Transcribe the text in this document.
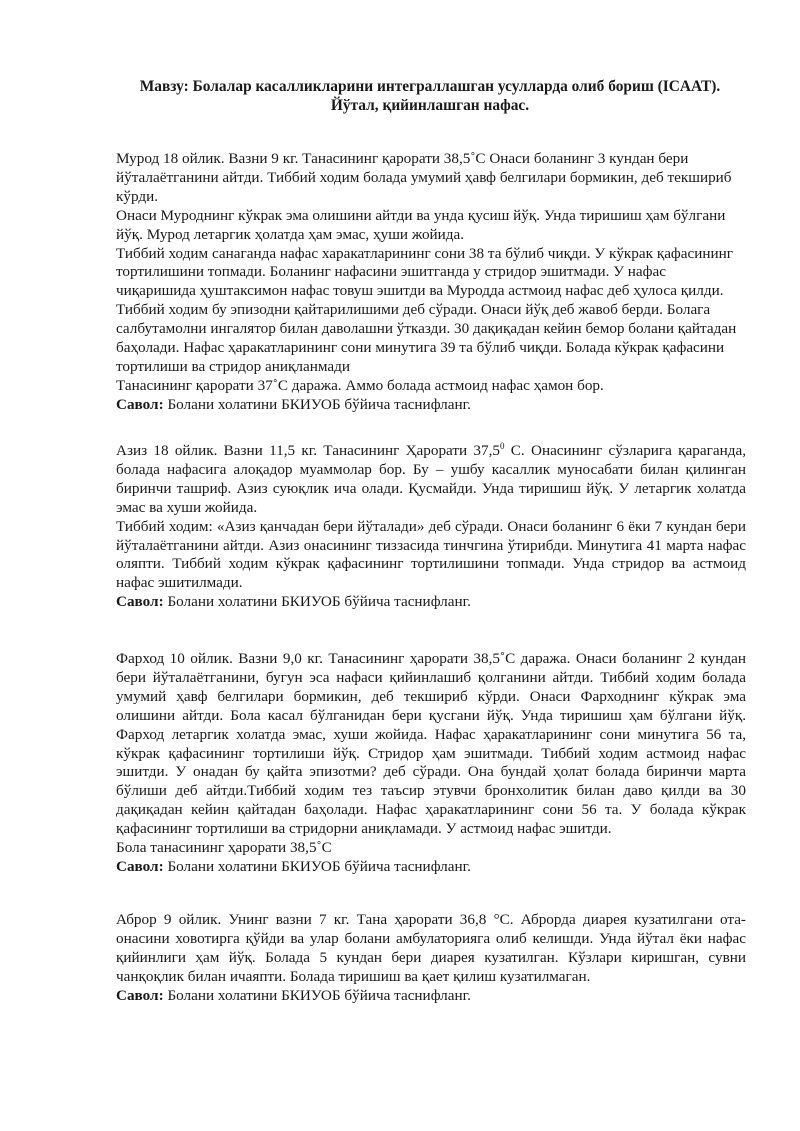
Мавзу: Болалар касалликларини интеграллашган усулларда олиб бориш (ICAAT).
Йўтал, қийинлашган нафас.

Мурод 18 ойлик. Вазни 9 кг. Танасининг қарорати 38,5˚С Онаси боланинг 3 кундан бери йўталаётганини айтди. Тиббий ходим болада умумий ҳавф белгилари бормикин, деб текшириб кўрди.

Онаси Муроднинг кўкрак эма олишини айтди ва унда қусиш йўқ. Унда тиришиш ҳам бўлгани йўқ. Мурод летаргик ҳолатда ҳам эмас, ҳуши жойида.

Тиббий ходим санаганда нафас харакатларининг сони 38 та бўлиб чиқди. У кўкрак қафасининг тортилишини топмади. Боланинг нафасини эшитганда у стридор эшитмади. У нафас чиқаришида ҳуштаксимон нафас товуш эшитди ва Муродда астмоид нафас деб ҳулоса қилди. Тиббий ходим бу эпизодни қайтарилишими деб сўради. Онаси йўқ деб жавоб берди. Болага салбутамолни ингалятор билан даволашни ўтказди. 30 дақиқадан кейин бемор болани қайтадан баҳолади. Нафас ҳаракатларининг сони минутига 39 та бўлиб чиқди. Болада кўкрак қафасини тортилиши ва стридор аниқланмади

Танасининг қарорати 37˚С даража. Аммо болада астмоид нафас ҳамон бор.

Савол: Болани холатини БКИУОБ бўйича таснифланг.

Азиз 18 ойлик. Вазни 11,5 кг. Танасининг Ҳарорати 37,5$^0$ С. Онасининг сўзларига қараганда, болада нафасига алоқадор муаммолар бор. Бу – ушбу касаллик муносабати билан қилинган биринчи ташриф. Азиз суюқлик ича олади. Қусмайди. Унда тиришиш йўқ. У летаргик холатда эмас ва хуши жойида.

Тиббий ходим: «Азиз қанчадан бери йўталади» деб сўради. Онаси боланинг 6 ёки 7 кундан бери йўталаётганини айтди. Азиз онасининг тиззасида тинчгина ўтирибди. Минутига 41 марта нафас оляпти. Тиббий ходим кўкрак қафасининг тортилишини топмади. Унда стридор ва астмоид нафас эшитилмади.

Савол: Болани холатини БКИУОБ бўйича таснифланг.

Фарход 10 ойлик. Вазни 9,0 кг. Танасининг ҳарорати 38,5˚С даража. Онаси боланинг 2 кундан бери йўталаётганини, бугун эса нафаси қийинлашиб қолганини айтди. Тиббий ходим болада умумий ҳавф белгилари бормикин, деб текшириб кўрди. Онаси Фарходнинг кўкрак эма олишини айтди. Бола касал бўлганидан бери қусгани йўқ. Унда тиришиш ҳам бўлгани йўқ. Фарход летаргик холатда эмас, хуши жойида. Нафас ҳаракатларининг сони минутига 56 та, кўкрак қафасининг тортилиши йўқ. Стридор ҳам эшитмади. Тиббий ходим астмоид нафас эшитди. У онадан бу қайта эпизотми? деб сўради. Она бундай ҳолат болада биринчи марта бўлиши деб айтди.Тиббий ходим тез таъсир этувчи бронхолитик билан даво қилди ва 30 дақиқадан кейин қайтадан баҳолади. Нафас ҳаракатларининг сони 56 та. У болада кўкрак қафасининг тортилиши ва стридорни аниқламади. У астмоид нафас эшитди.

Бола танасининг ҳарорати 38,5˚С

Савол: Болани холатини БКИУОБ бўйича таснифланг.

Аброр 9 ойлик. Унинг вазни 7 кг. Тана ҳарорати 36,8 °С. Аброрда диарея кузатилгани ота-онасини ховотирга қўйди ва улар болани амбулаторияга олиб келишди. Унда йўтал ёки нафас қийинлиги ҳам йўқ. Болада 5 кундан бери диарея кузатилган. Кўзлари киришган, сувни чанқоқлик билан ичаяпти. Болада тиришиш ва қает қилиш кузатилмаган.

Савол: Болани холатини БКИУОБ бўйича таснифланг.
